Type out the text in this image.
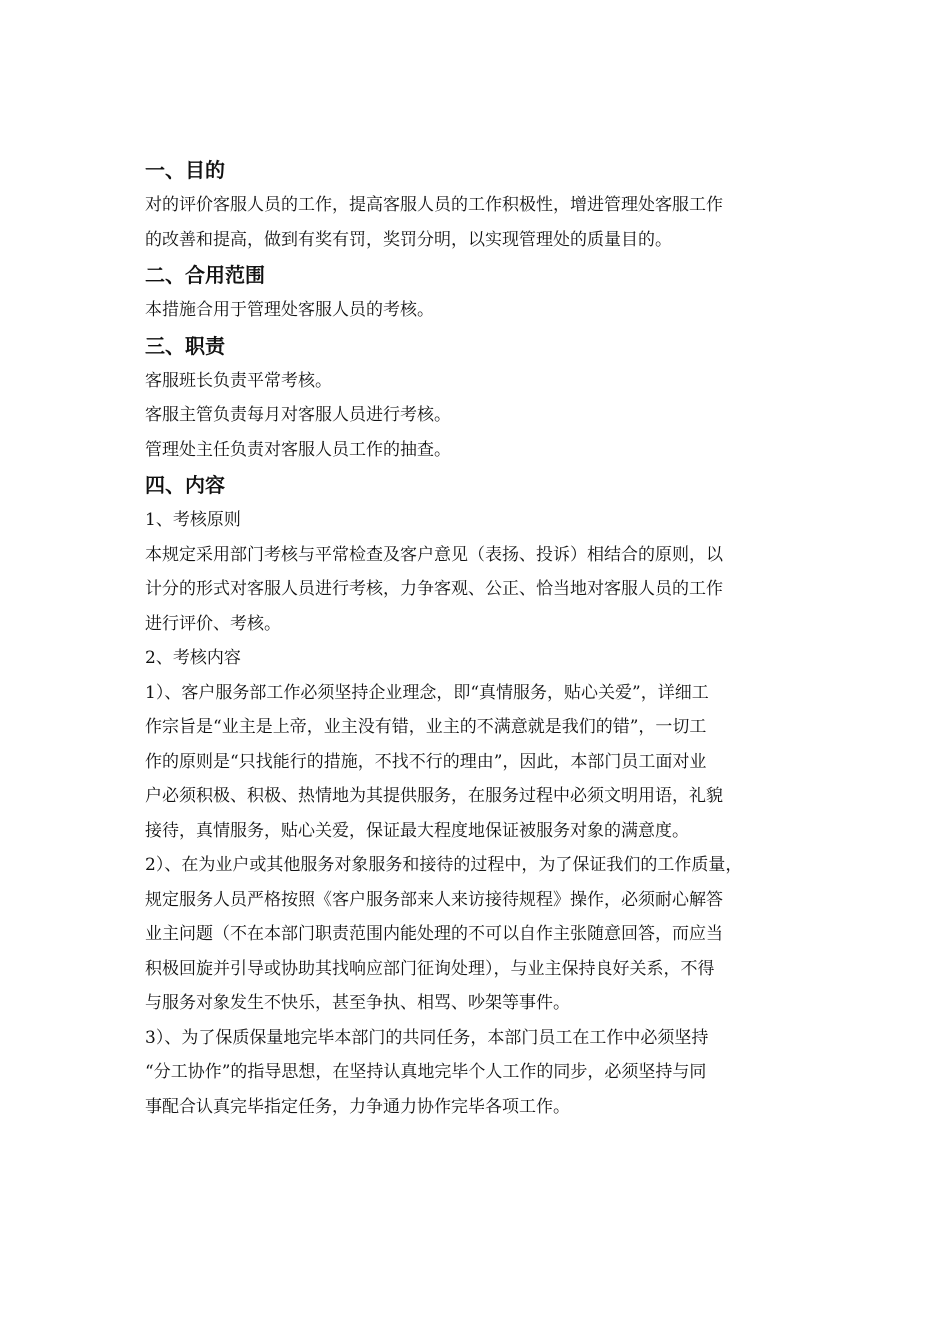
一、目的
对的评价客服人员的工作，提高客服人员的工作积极性，增进管理处客服工作
的改善和提高，做到有奖有罚，奖罚分明，以实现管理处的质量目的。
二、合用范围
本措施合用于管理处客服人员的考核。
三、职责
客服班长负责平常考核。
客服主管负责每月对客服人员进行考核。
管理处主任负责对客服人员工作的抽查。
四、内容
1、考核原则
本规定采用部门考核与平常检查及客户意见（表扬、投诉）相结合的原则，以
计分的形式对客服人员进行考核，力争客观、公正、恰当地对客服人员的工作
进行评价、考核。
2、考核内容
1）、客户服务部工作必须坚持企业理念，即“真情服务，贴心关爱”，详细工
作宗旨是“业主是上帝，业主没有错，业主的不满意就是我们的错”，一切工
作的原则是“只找能行的措施，不找不行的理由”，因此，本部门员工面对业
户必须积极、积极、热情地为其提供服务，在服务过程中必须文明用语，礼貌
接待，真情服务，贴心关爱，保证最大程度地保证被服务对象的满意度。
2）、在为业户或其他服务对象服务和接待的过程中，为了保证我们的工作质量，
规定服务人员严格按照《客户服务部来人来访接待规程》操作，必须耐心解答
业主问题（不在本部门职责范围内能处理的不可以自作主张随意回答，而应当
积极回旋并引导或协助其找响应部门征询处理），与业主保持良好关系，不得
与服务对象发生不快乐，甚至争执、相骂、吵架等事件。
3）、为了保质保量地完毕本部门的共同任务，本部门员工在工作中必须坚持
“分工协作”的指导思想，在坚持认真地完毕个人工作的同步，必须坚持与同
事配合认真完毕指定任务，力争通力协作完毕各项工作。
